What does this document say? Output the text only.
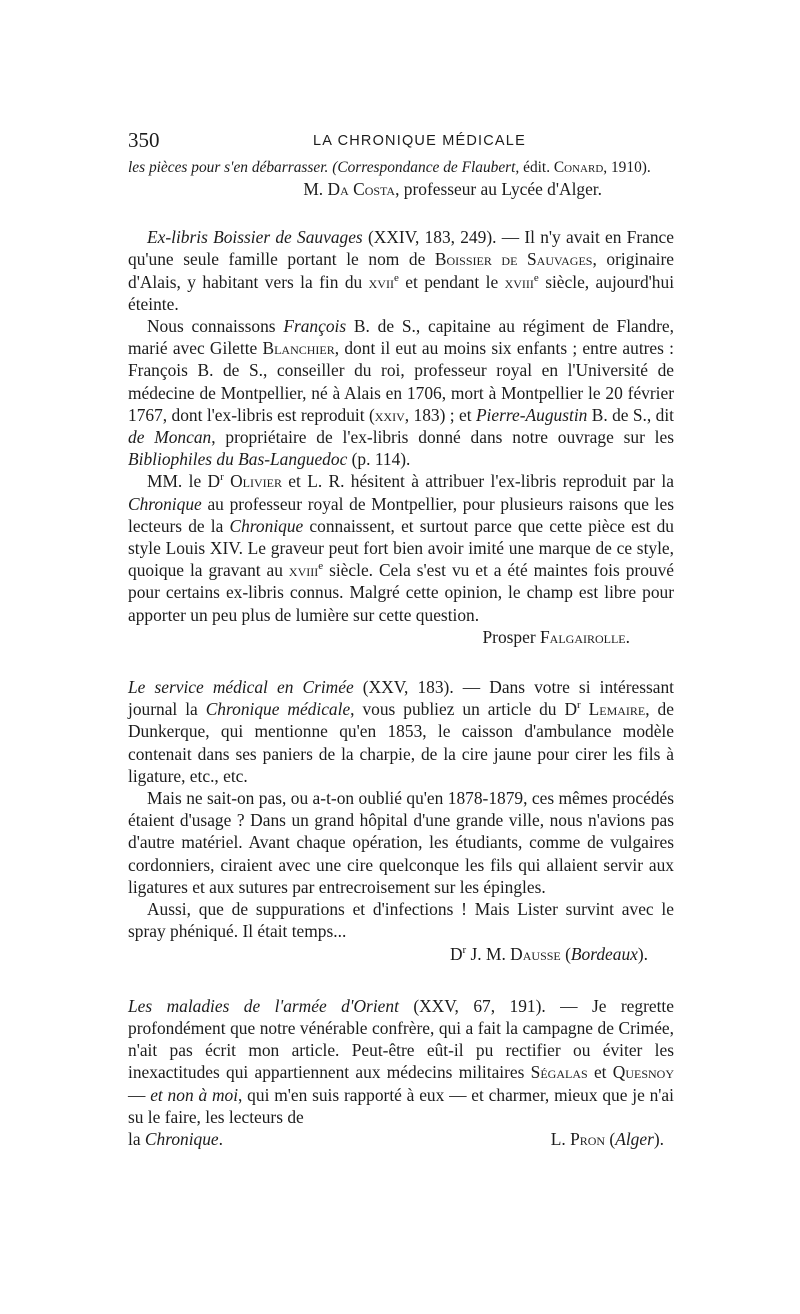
350	LA CHRONIQUE MÉDICALE

les pièces pour s'en débarrasser. (Correspondance de Flaubert, édit. Conard, 1910).

M. Da Costa, professeur au Lycée d'Alger.

Ex-libris Boissier de Sauvages (XXIV, 183, 249). — Il n'y avait en France qu'une seule famille portant le nom de Boissier de Sauvages, originaire d'Alais, y habitant vers la fin du xvii$^e$ et pendant le xviii$^e$ siècle, aujourd'hui éteinte.

Nous connaissons François B. de S., capitaine au régiment de Flandre, marié avec Gilette Blanchier, dont il eut au moins six enfants ; entre autres : François B. de S., conseiller du roi, professeur royal en l'Université de médecine de Montpellier, né à Alais en 1706, mort à Montpellier le 20 février 1767, dont l'ex-libris est reproduit (xxiv, 183) ; et Pierre-Augustin B. de S., dit de Moncan, propriétaire de l'ex-libris donné dans notre ouvrage sur les Bibliophiles du Bas-Languedoc (p. 114).

MM. le $D^r$ Olivier et L. R. hésitent à attribuer l'ex-libris reproduit par la Chronique au professeur royal de Montpellier, pour plusieurs raisons que les lecteurs de la Chronique connaissent, et surtout parce que cette pièce est du style Louis XIV. Le graveur peut fort bien avoir imité une marque de ce style, quoique la gravant au xviii$^e$ siècle. Cela s'est vu et a été maintes fois prouvé pour certains ex-libris connus. Malgré cette opinion, le champ est libre pour apporter un peu plus de lumière sur cette question.

Prosper Falgairolle.

Le service médical en Crimée (XXV, 183). — Dans votre si intéressant journal la Chronique médicale, vous publiez un article du $D^r$ Lemaire, de Dunkerque, qui mentionne qu'en 1853, le caisson d'ambulance modèle contenait dans ses paniers de la charpie, de la cire jaune pour cirer les fils à ligature, etc., etc.

Mais ne sait-on pas, ou a-t-on oublié qu'en 1878-1879, ces mêmes procédés étaient d'usage ? Dans un grand hôpital d'une grande ville, nous n'avions pas d'autre matériel. Avant chaque opération, les étudiants, comme de vulgaires cordonniers, ciraient avec une cire quelconque les fils qui allaient servir aux ligatures et aux sutures par entrecroisement sur les épingles.

Aussi, que de suppurations et d'infections ! Mais Lister survint avec le spray phéniqué. Il était temps...

$D^r$ J. M. Dausse (Bordeaux).

Les maladies de l'armée d'Orient (XXV, 67, 191). — Je regrette profondément que notre vénérable confrère, qui a fait la campagne de Crimée, n'ait pas écrit mon article. Peut-être eût-il pu rectifier ou éviter les inexactitudes qui appartiennent aux médecins militaires Ségalas et Quesnoy — et non à moi, qui m'en suis rapporté à eux — et charmer, mieux que je n'ai su le faire, les lecteurs de

la Chronique.	L. Pron (Alger).
